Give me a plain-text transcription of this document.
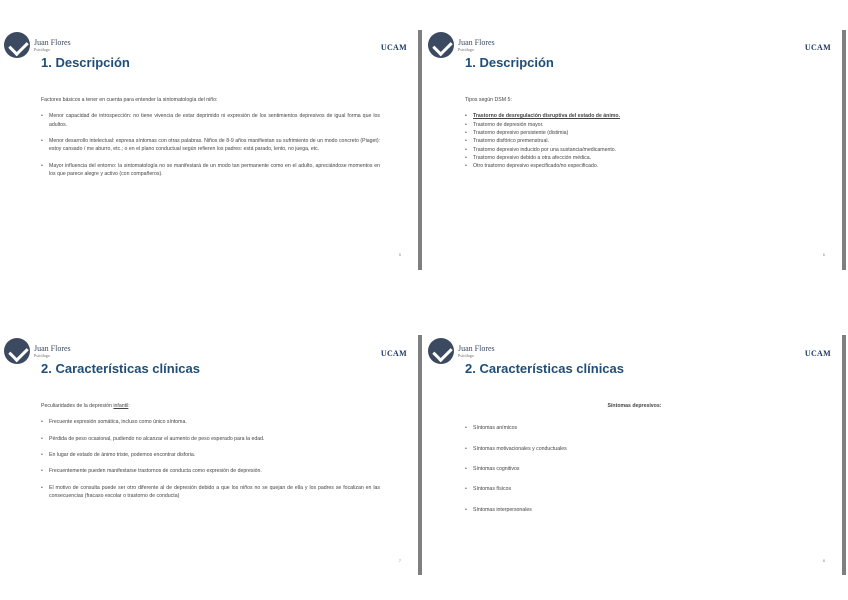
Juan Flores
Psicólogo	UCAM
1. Descripción
Factores básicos a tener en cuenta para entender la sintomatología del niño:
• Menor capacidad de introspección: no tiene vivencia de estar deprimido ni expresión de los sentimientos depresivos de igual forma que los adultos.
• Menor desarrollo intelectual: expresa síntomas con otras palabras. Niños de 8-9 años manifiestan su sufrimiento de un modo concreto (Piaget): estoy cansado / me aburro, etc.; o en el plano conductual según refieren los padres: está parado, lento, no juega, etc.
• Mayor influencia del entorno: la sintomatología no se manifestará de un modo tan permanente como en el adulto, apreciándose momentos en los que parece alegre y activo (con compañeros).
5
Juan Flores
Psicólogo	UCAM
1. Descripción
Tipos según DSM 5:
• Trastorno de desregulación disruptiva del estado de ánimo.
• Trastorno de depresión mayor.
• Trastorno depresivo persistente (distimia)
• Trastorno disfórico premenstrual.
• Trastorno depresivo inducido por una sustancia/medicamento.
• Trastorno depresivo debido a otra afección médica.
• Otro trastorno depresivo especificado/no especificado.
6
Juan Flores
Psicólogo	UCAM
2. Características clínicas
Peculiaridades de la depresión infantil:
• Frecuente expresión somática, incluso como único síntoma.
• Pérdida de peso ocasional, pudiendo no alcanzar el aumento de peso esperado para la edad.
• En lugar de estado de ánimo triste, podemos encontrar disforia.
• Frecuentemente pueden manifestarse trastornos de conducta como expresión de depresión.
• El motivo de consulta puede ser otro diferente al de depresión debido a que los niños no se quejan de ella y los padres se focalizan en las consecuencias (fracaso escolar o trastorno de conducta)
7
Juan Flores
Psicólogo	UCAM
2. Características clínicas
Síntomas depresivos:
• Síntomas anímicos
• Síntomas motivacionales y conductuales
• Síntomas cognitivos
• Síntomas físicos
• Síntomas interpersonales
8
